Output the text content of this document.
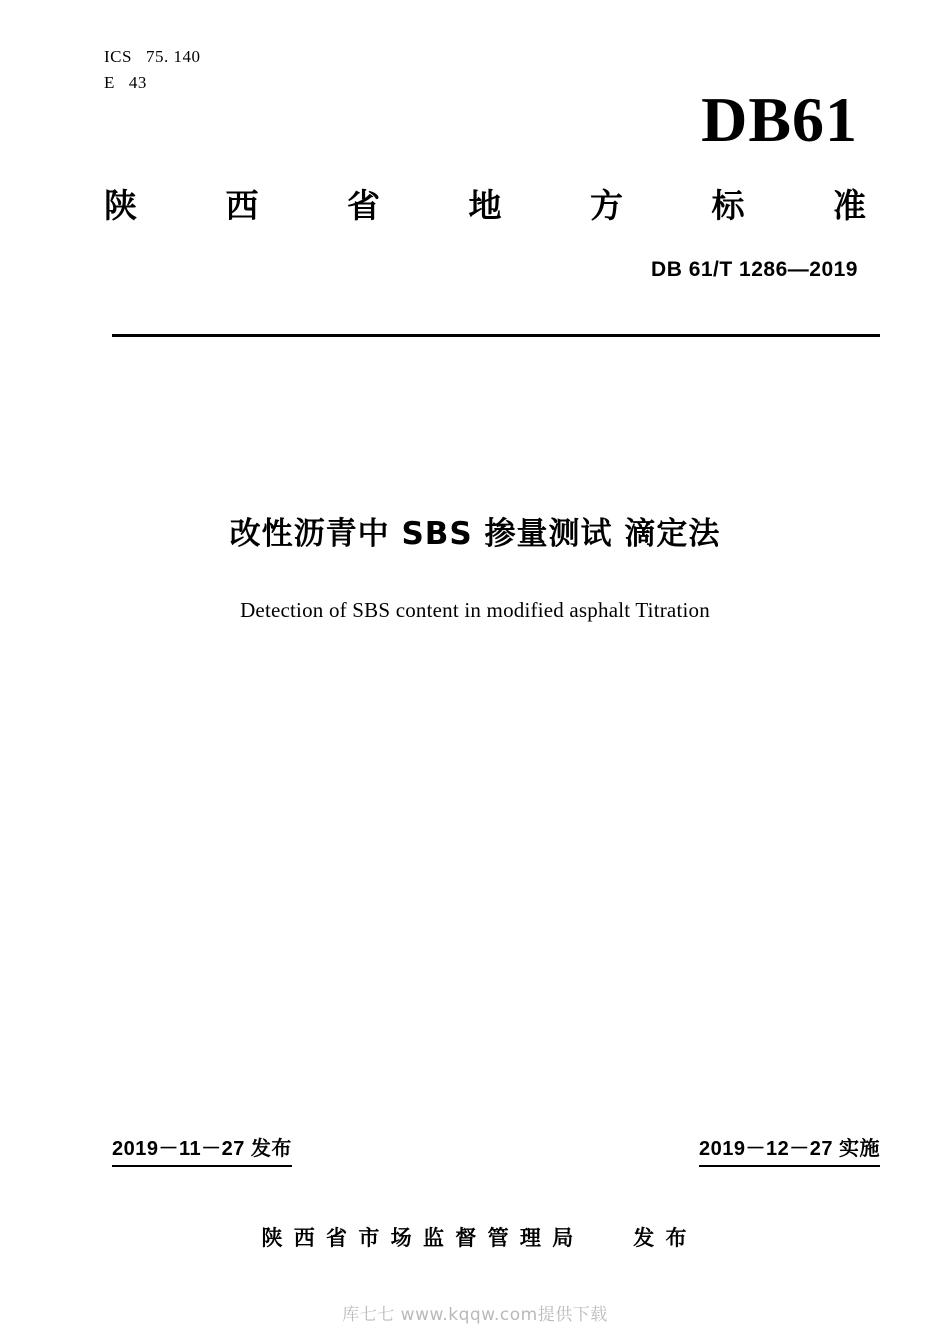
ICS 75. 140
E 43
DB61
陕	西	省	地	方	标	准
DB 61/T 1286—2019
改性沥青中 SBS 掺量测试 滴定法
Detection of SBS content in modified asphalt Titration
2019－11－27 发布	2019－12－27 实施
陕 西 省 市 场 监 督 管 理 局	发 布
库七七 www.kqqw.com提供下载
